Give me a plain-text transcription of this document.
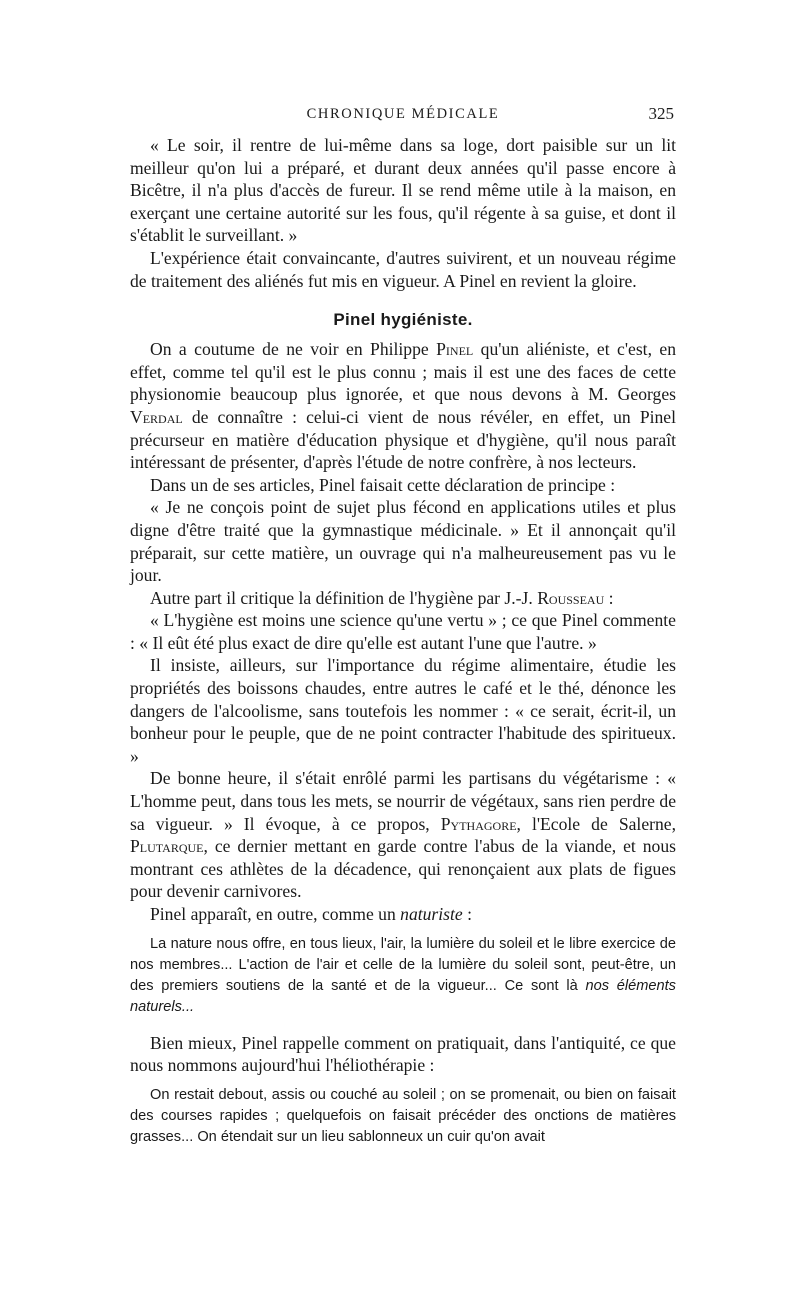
CHRONIQUE MÉDICALE	325

« Le soir, il rentre de lui-même dans sa loge, dort paisible sur un lit meilleur qu'on lui a préparé, et durant deux années qu'il passe encore à Bicêtre, il n'a plus d'accès de fureur. Il se rend même utile à la maison, en exerçant une certaine autorité sur les fous, qu'il régente à sa guise, et dont il s'établit le surveillant. »

L'expérience était convaincante, d'autres suivirent, et un nouveau régime de traitement des aliénés fut mis en vigueur. A Pinel en revient la gloire.

Pinel hygiéniste.

On a coutume de ne voir en Philippe Pinel qu'un aliéniste, et c'est, en effet, comme tel qu'il est le plus connu ; mais il est une des faces de cette physionomie beaucoup plus ignorée, et que nous devons à M. Georges Verdal de connaître : celui-ci vient de nous révéler, en effet, un Pinel précurseur en matière d'éducation physique et d'hygiène, qu'il nous paraît intéressant de présenter, d'après l'étude de notre confrère, à nos lecteurs.

Dans un de ses articles, Pinel faisait cette déclaration de principe :

« Je ne conçois point de sujet plus fécond en applications utiles et plus digne d'être traité que la gymnastique médicinale. » Et il annonçait qu'il préparait, sur cette matière, un ouvrage qui n'a malheureusement pas vu le jour.

Autre part il critique la définition de l'hygiène par J.-J. Rousseau :

« L'hygiène est moins une science qu'une vertu » ; ce que Pinel commente : « Il eût été plus exact de dire qu'elle est autant l'une que l'autre. »

Il insiste, ailleurs, sur l'importance du régime alimentaire, étudie les propriétés des boissons chaudes, entre autres le café et le thé, dénonce les dangers de l'alcoolisme, sans toutefois les nommer : « ce serait, écrit-il, un bonheur pour le peuple, que de ne point contracter l'habitude des spiritueux. »

De bonne heure, il s'était enrôlé parmi les partisans du végétarisme : « L'homme peut, dans tous les mets, se nourrir de végétaux, sans rien perdre de sa vigueur. » Il évoque, à ce propos, Pythagore, l'Ecole de Salerne, Plutarque, ce dernier mettant en garde contre l'abus de la viande, et nous montrant ces athlètes de la décadence, qui renonçaient aux plats de figues pour devenir carnivores.

Pinel apparaît, en outre, comme un naturiste :

La nature nous offre, en tous lieux, l'air, la lumière du soleil et le libre exercice de nos membres... L'action de l'air et celle de la lumière du soleil sont, peut-être, un des premiers soutiens de la santé et de la vigueur... Ce sont là nos éléments naturels...

Bien mieux, Pinel rappelle comment on pratiquait, dans l'antiquité, ce que nous nommons aujourd'hui l'héliothérapie :

On restait debout, assis ou couché au soleil ; on se promenait, ou bien on faisait des courses rapides ; quelquefois on faisait précéder des onctions de matières grasses... On étendait sur un lieu sablonneux un cuir qu'on avait
